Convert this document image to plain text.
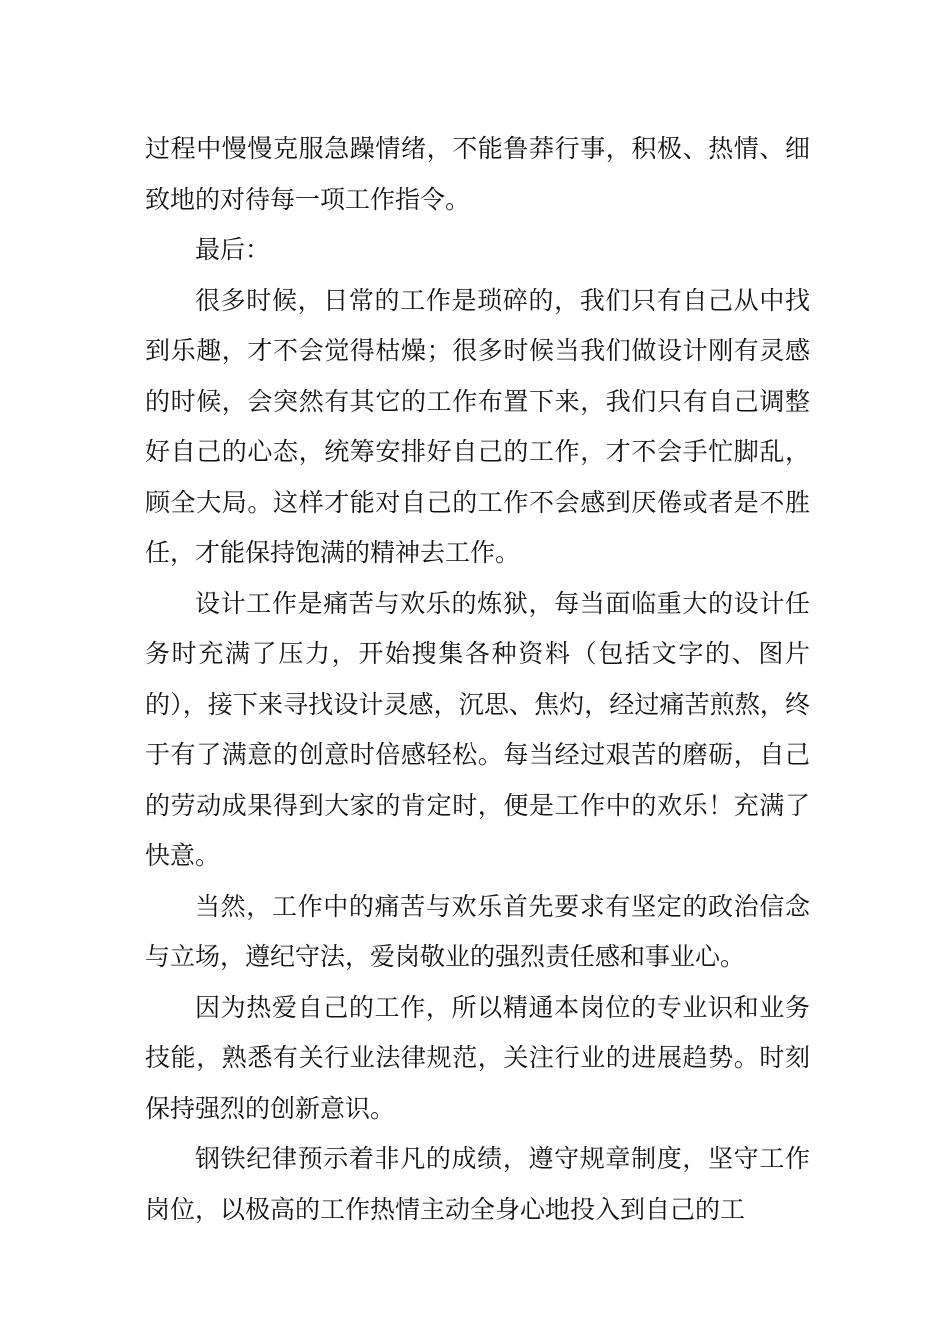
过程中慢慢克服急躁情绪，不能鲁莽行事，积极、热情、细致地的对待每一项工作指令。

最后：

很多时候，日常的工作是琐碎的，我们只有自己从中找到乐趣，才不会觉得枯燥；很多时候当我们做设计刚有灵感的时候，会突然有其它的工作布置下来，我们只有自己调整好自己的心态，统筹安排好自己的工作，才不会手忙脚乱，顾全大局。这样才能对自己的工作不会感到厌倦或者是不胜任，才能保持饱满的精神去工作。

设计工作是痛苦与欢乐的炼狱，每当面临重大的设计任务时充满了压力，开始搜集各种资料（包括文字的、图片的），接下来寻找设计灵感，沉思、焦灼，经过痛苦煎熬，终于有了满意的创意时倍感轻松。每当经过艰苦的磨砺，自己的劳动成果得到大家的肯定时，便是工作中的欢乐！充满了快意。

当然，工作中的痛苦与欢乐首先要求有坚定的政治信念与立场，遵纪守法，爱岗敬业的强烈责任感和事业心。

因为热爱自己的工作，所以精通本岗位的专业识和业务技能，熟悉有关行业法律规范，关注行业的进展趋势。时刻保持强烈的创新意识。

钢铁纪律预示着非凡的成绩，遵守规章制度，坚守工作岗位，以极高的工作热情主动全身心地投入到自己的工
